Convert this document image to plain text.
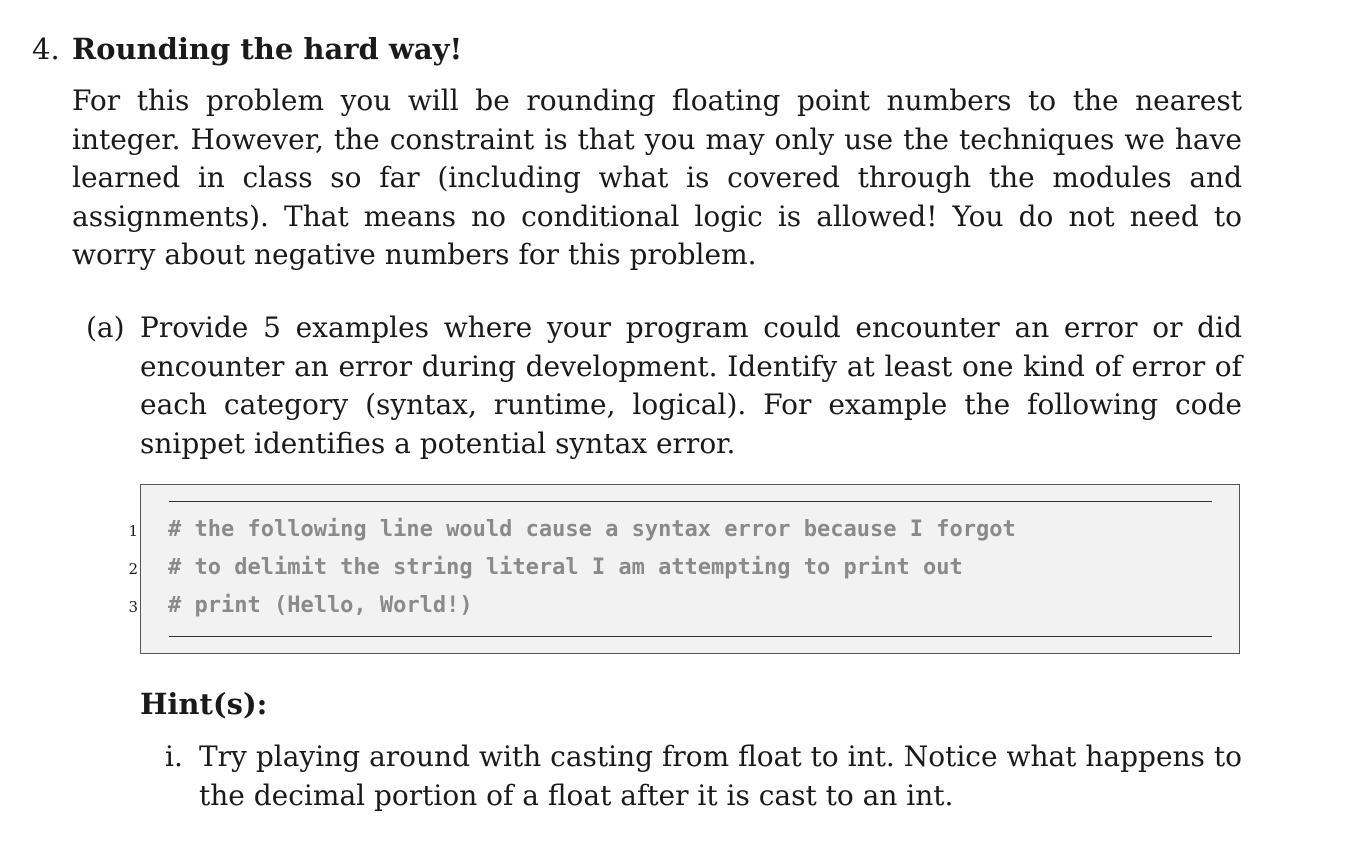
4. Rounding the hard way!

For this problem you will be rounding floating point numbers to the nearest integer. However, the constraint is that you may only use the techniques we have learned in class so far (including what is covered through the modules and assignments). That means no conditional logic is allowed! You do not need to worry about negative numbers for this problem.

(a) Provide 5 examples where your program could encounter an error or did encounter an error during development. Identify at least one kind of error of each category (syntax, runtime, logical). For example the following code snippet identifies a potential syntax error.

1
2
3
# the following line would cause a syntax error because I forgot
# to delimit the string literal I am attempting to print out
# print (Hello, World!)
Hint(s):
i. Try playing around with casting from float to int. Notice what happens to the decimal portion of a float after it is cast to an int.
